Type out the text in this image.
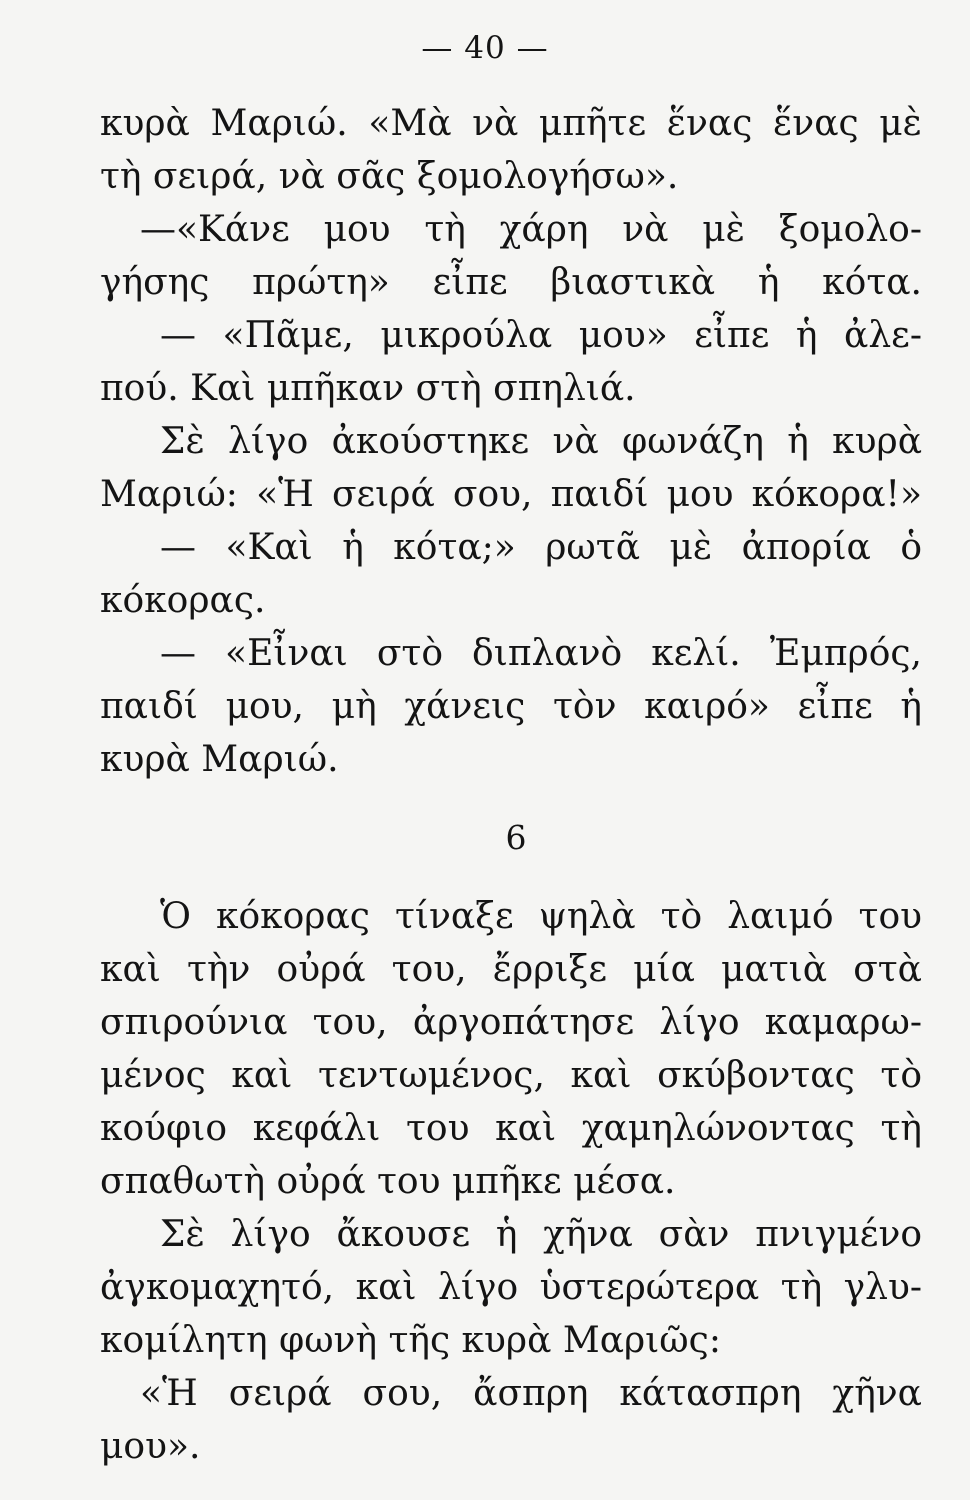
— 40 —
κυρὰ Μαριώ. «Μὰ νὰ μπῆτε ἕνας ἕνας μὲ
τὴ σειρά, νὰ σᾶς ξομολογήσω».
—«Κάνε μου τὴ χάρη νὰ μὲ ξομολο-
γήσης πρώτη» εἶπε βιαστικὰ ἡ κότα.
— «Πᾶμε, μικρούλα μου» εἶπε ἡ ἀλε-
πού. Καὶ μπῆκαν στὴ σπηλιά.
Σὲ λίγο ἀκούστηκε νὰ φωνάζη ἡ κυρὰ
Μαριώ: «Ἡ σειρά σου, παιδί μου κόκορα!»
— «Καὶ ἡ κότα;» ρωτᾶ μὲ ἀπορία ὁ
κόκορας.
— «Εἶναι στὸ διπλανὸ κελί. Ἐμπρός,
παιδί μου, μὴ χάνεις τὸν καιρό» εἶπε ἡ
κυρὰ Μαριώ.
6
Ὁ κόκορας τίναξε ψηλὰ τὸ λαιμό του
καὶ τὴν οὐρά του, ἔρριξε μία ματιὰ στὰ
σπιρούνια του, ἀργοπάτησε λίγο καμαρω-
μένος καὶ τεντωμένος, καὶ σκύβοντας τὸ
κούφιο κεφάλι του καὶ χαμηλώνοντας τὴ
σπαθωτὴ οὐρά του μπῆκε μέσα.
Σὲ λίγο ἄκουσε ἡ χῆνα σὰν πνιγμένο
ἀγκομαχητό, καὶ λίγο ὑστερώτερα τὴ γλυ-
κομίλητη φωνὴ τῆς κυρὰ Μαριῶς:
«Ἡ σειρά σου, ἄσπρη κάτασπρη χῆνα
μου».
